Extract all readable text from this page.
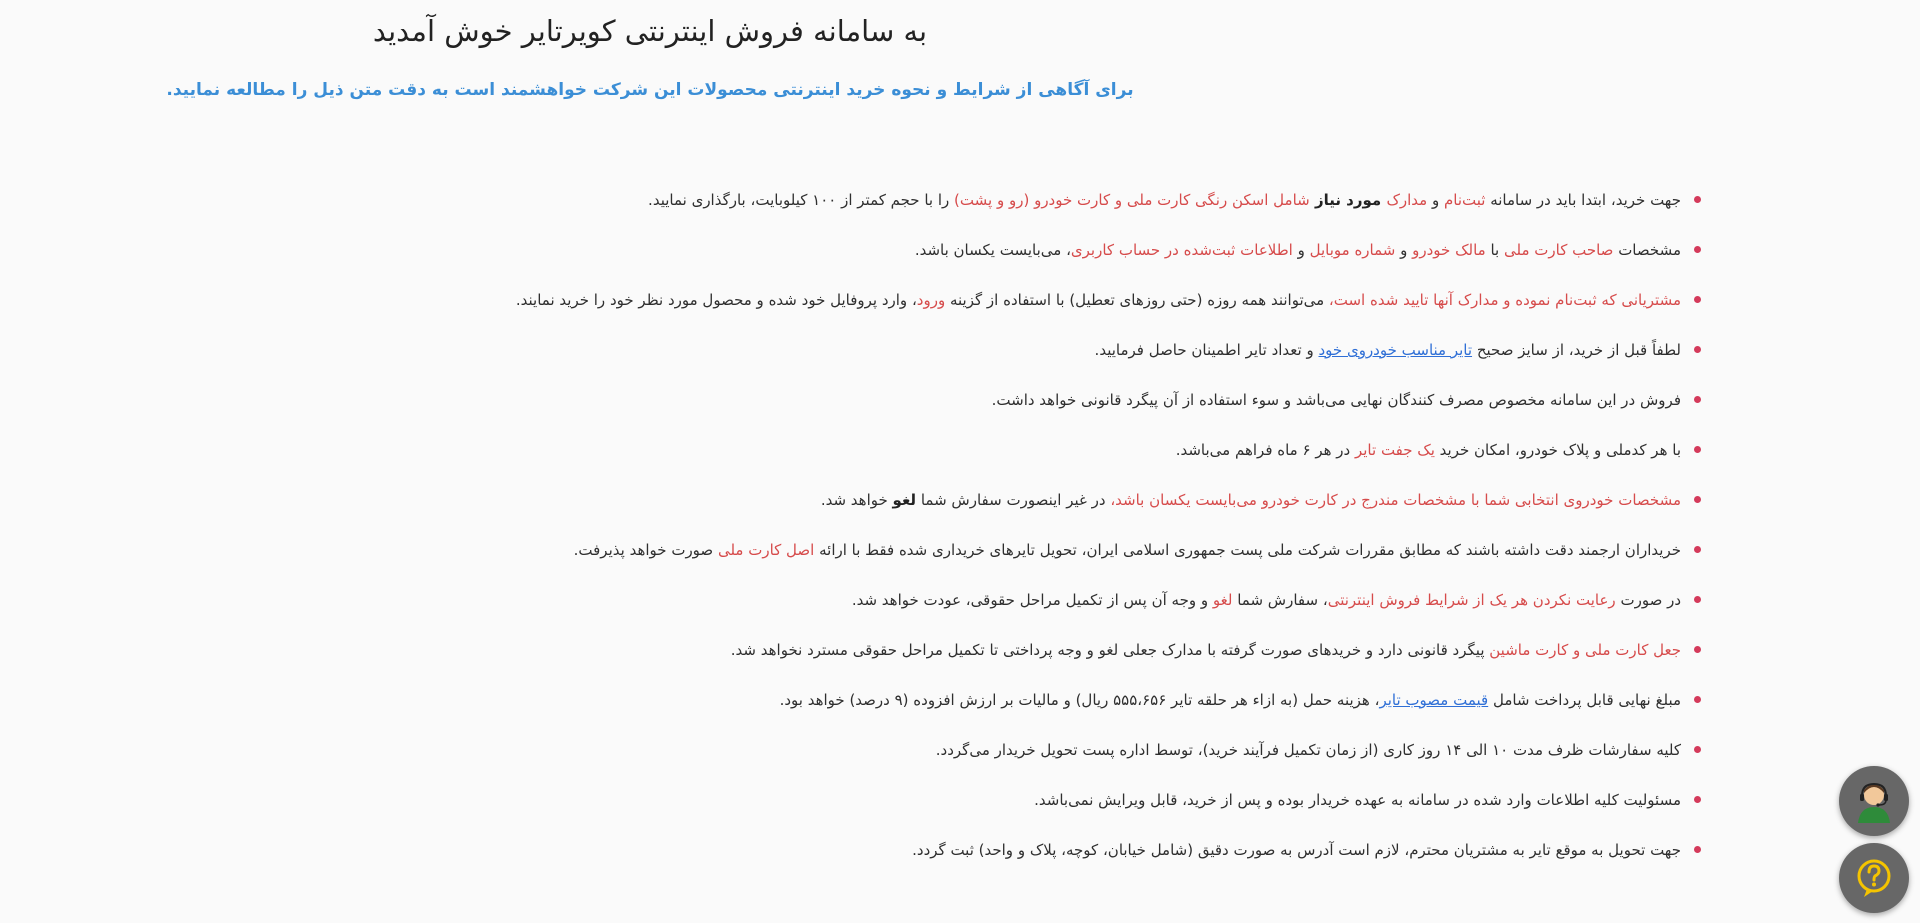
به سامانه فروش اینترنتی کویرتایر خوش آمدید

برای آگاهی از شرایط و نحوه خرید اینترنتی محصولات این شرکت خواهشمند است به دقت متن ذیل را مطالعه نمایید.

جهت خرید، ابتدا باید در سامانه ثبت‌نام و مدارک مورد نیاز شامل اسکن رنگی کارت ملی و کارت خودرو (رو و پشت) را با حجم کمتر از ۱۰۰ کیلوبایت، بارگذاری نمایید.
مشخصات صاحب کارت ملی با مالک خودرو و شماره موبایل و اطلاعات ثبت‌شده در حساب کاربری، می‌بایست یکسان باشد.
مشتریانی که ثبت‌نام نموده و مدارک آنها تایید شده است، می‌توانند همه روزه (حتی روزهای تعطیل) با استفاده از گزینه ورود، وارد پروفایل خود شده و محصول مورد نظر خود را خرید نمایند.
لطفاً قبل از خرید، از سایز صحیح تایر مناسب خودروی خود و تعداد تایر اطمینان حاصل فرمایید.
فروش در این سامانه مخصوص مصرف کنندگان نهایی می‌باشد و سوء استفاده از آن پیگرد قانونی خواهد داشت.
با هر کدملی و پلاک خودرو، امکان خرید یک جفت تایر در هر ۶ ماه فراهم می‌باشد.
مشخصات خودروی انتخابی شما با مشخصات مندرج در کارت خودرو می‌بایست یکسان باشد، در غیر اینصورت سفارش شما لغو خواهد شد.
خریداران ارجمند دقت داشته باشند که مطابق مقررات شرکت ملی پست جمهوری اسلامی ایران، تحویل تایرهای خریداری شده فقط با ارائه اصل کارت ملی صورت خواهد پذیرفت.
در صورت رعایت نکردن هر یک از شرایط فروش اینترنتی، سفارش شما لغو و وجه آن پس از تکمیل مراحل حقوقی، عودت خواهد شد.
جعل کارت ملی و کارت ماشین پیگرد قانونی دارد و خریدهای صورت گرفته با مدارک جعلی لغو و وجه پرداختی تا تکمیل مراحل حقوقی مسترد نخواهد شد.
مبلغ نهایی قابل پرداخت شامل قیمت مصوب تایر، هزینه حمل (به ازاء هر حلقه تایر ۵۵۵،۶۵۶ ریال) و مالیات بر ارزش افزوده (۹ درصد) خواهد بود.
کلیه سفارشات ظرف مدت ۱۰ الی ۱۴ روز کاری (از زمان تکمیل فرآیند خرید)، توسط اداره پست تحویل خریدار می‌گردد.
مسئولیت کلیه اطلاعات وارد شده در سامانه به عهده خریدار بوده و پس از خرید، قابل ویرایش نمی‌باشد.
جهت تحویل به موقع تایر به مشتریان محترم، لازم است آدرس به صورت دقیق (شامل خیابان، کوچه، پلاک و واحد) ثبت گردد.
